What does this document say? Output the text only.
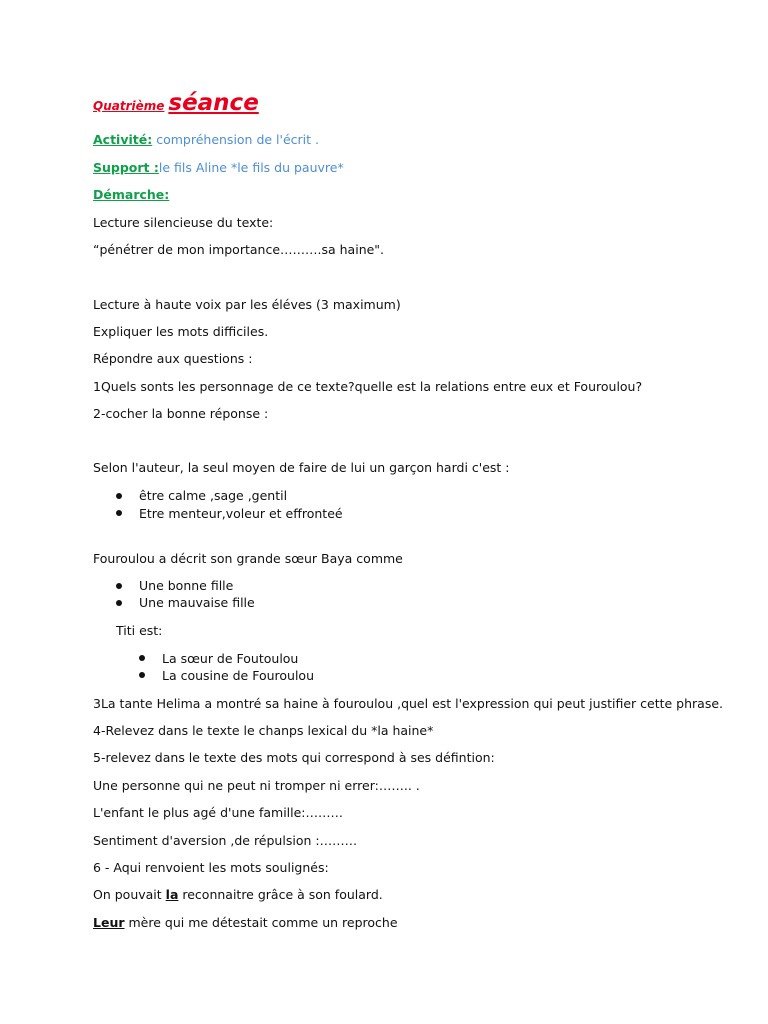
Quatrième séance
Activité: compréhension de l'écrit .
Support :le fils Aline *le fils du pauvre*
Démarche:
Lecture silencieuse du texte:
“pénétrer de mon importance……….sa haine".
Lecture à haute voix par les éléves (3 maximum)
Expliquer les mots difficiles.
Répondre aux questions :
1Quels sonts les personnage de ce texte?quelle est la relations entre eux et Fouroulou?
2-cocher la bonne réponse :
Selon l'auteur, la seul moyen de faire de lui un garçon hardi c'est :
être calme ,sage ,gentil
Etre menteur,voleur et effronteé
Fouroulou a décrit son grande sœur Baya comme
Une bonne fille
Une mauvaise fille
Titi est:
La sœur de Foutoulou
La cousine de Fouroulou
3La tante Helima a montré sa haine à fouroulou ,quel est l'expression qui peut justifier cette phrase.
4-Relevez dans le texte le chanps lexical du *la haine*
5-relevez dans le texte des mots qui correspond à ses défintion:
Une personne qui ne peut ni tromper ni errer:…….. .
L'enfant le plus agé d'une famille:………
Sentiment d'aversion ,de répulsion :………
6 - Aqui renvoient les mots soulignés:
On pouvait la reconnaitre grâce à son foulard.
Leur mère qui me détestait comme un reproche
